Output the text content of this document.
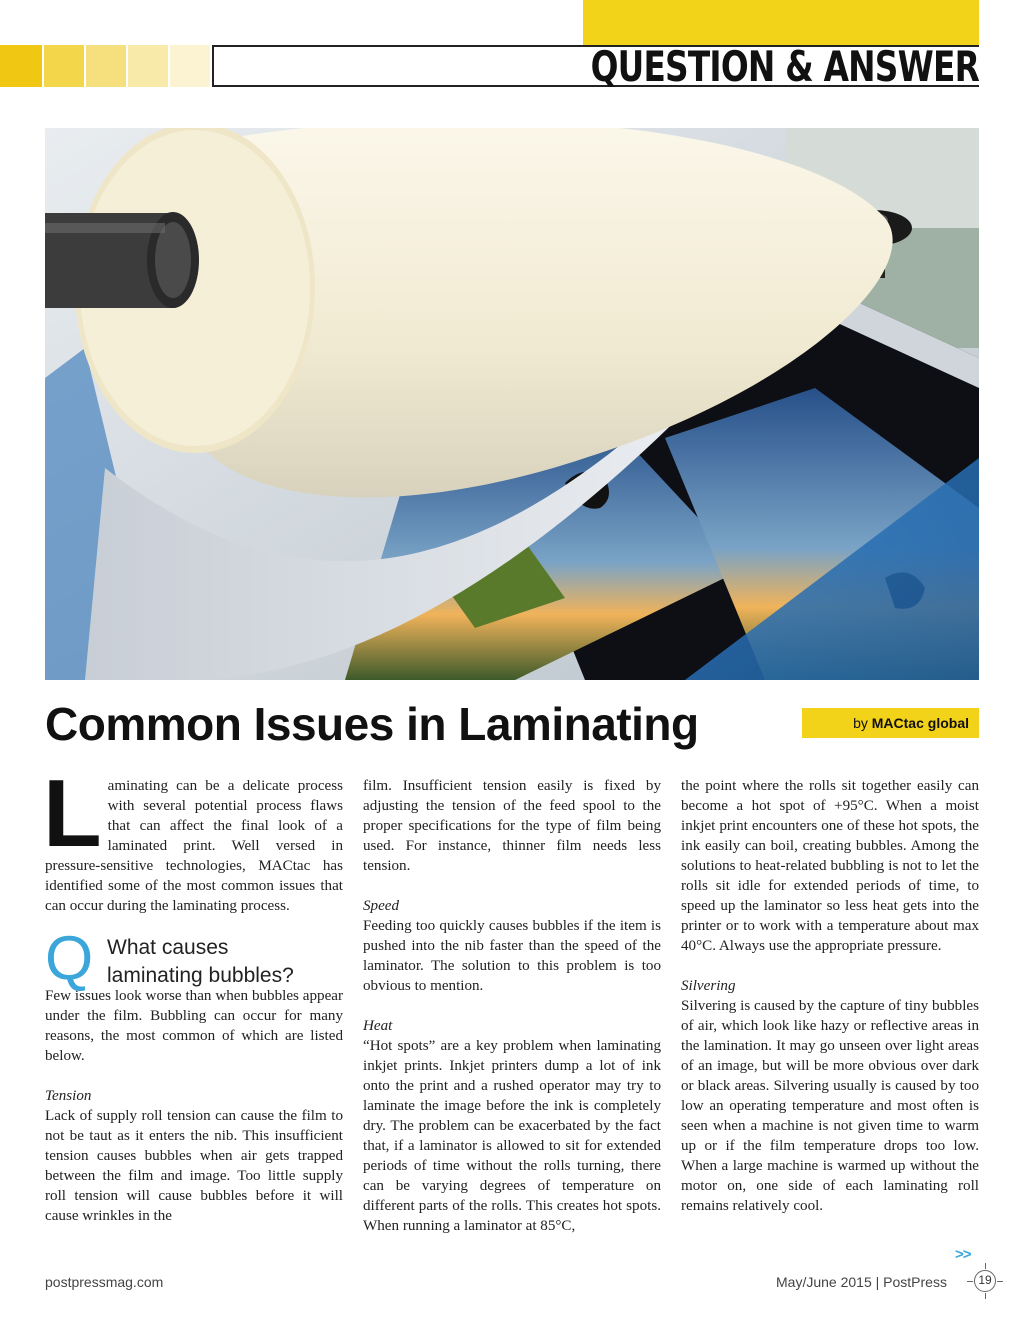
QUESTION & ANSWER
Common Issues in Laminating	by MACtac global
L aminating can be a delicate process with several potential process flaws that can affect the final look of a laminated print. Well versed in pressure-sensitive technologies, MACtac has identified some of the most common issues that can occur during the laminating process.

Q What causes
laminating bubbles?

Few issues look worse than when bubbles appear under the film. Bubbling can occur for many reasons, the most common of which are listed below.

Tension

Lack of supply roll tension can cause the film to not be taut as it enters the nib. This insufficient tension causes bubbles when air gets trapped between the film and image. Too little supply roll tension will cause bubbles before it will cause wrinkles in the

film. Insufficient tension easily is fixed by adjusting the tension of the feed spool to the proper specifications for the type of film being used. For instance, thinner film needs less tension.

Speed

Feeding too quickly causes bubbles if the item is pushed into the nib faster than the speed of the laminator. The solution to this problem is too obvious to mention.

Heat

“Hot spots” are a key problem when laminating inkjet prints. Inkjet printers dump a lot of ink onto the print and a rushed operator may try to laminate the image before the ink is completely dry. The problem can be exacerbated by the fact that, if a laminator is allowed to sit for extended periods of time without the rolls turning, there can be varying degrees of temperature on different parts of the rolls. This creates hot spots. When running a laminator at 85°C,

the point where the rolls sit together easily can become a hot spot of +95°C. When a moist inkjet print encounters one of these hot spots, the ink easily can boil, creating bubbles. Among the solutions to heat-related bubbling is not to let the rolls sit idle for extended periods of time, to speed up the laminator so less heat gets into the printer or to work with a temperature about max 40°C. Always use the appropriate pressure.

Silvering

Silvering is caused by the capture of tiny bubbles of air, which look like hazy or reflective areas in the lamination. It may go unseen over light areas of an image, but will be more obvious over dark or black areas. Silvering usually is caused by too low an operating temperature and most often is seen when a machine is not given time to warm up or if the film temperature drops too low. When a large machine is warmed up without the motor on, one side of each laminating roll remains relatively cool.

>>
postpressmag.com	May/June 2015 | PostPress	19
